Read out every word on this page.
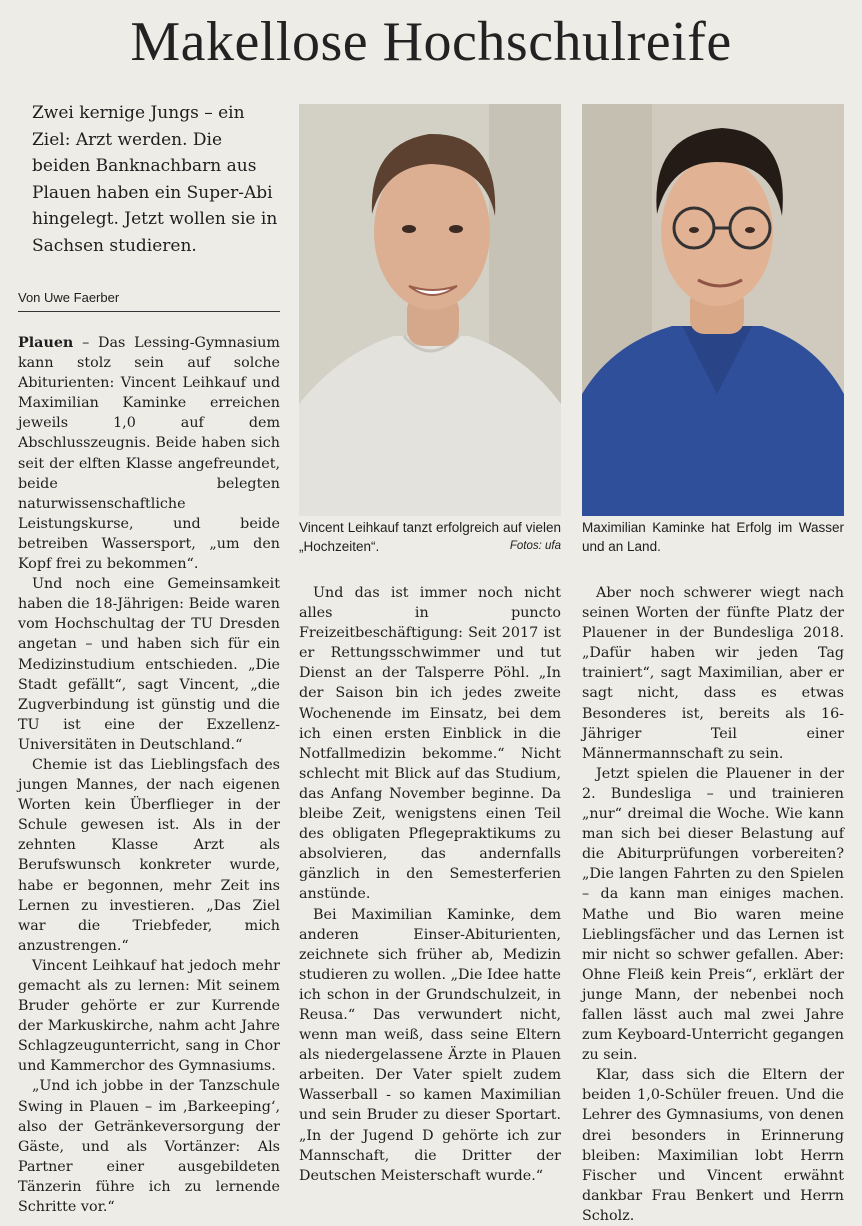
Makellose Hochschulreife

Zwei kernige Jungs – ein Ziel: Arzt werden. Die beiden Banknachbarn aus Plauen haben ein Super-Abi hingelegt. Jetzt wollen sie in Sachsen studieren.

Von Uwe Faerber

Plauen – Das Lessing-Gymnasium kann stolz sein auf solche Abiturienten: Vincent Leihkauf und Maximilian Kaminke erreichen jeweils 1,0 auf dem Abschlusszeugnis. Beide haben sich seit der elften Klasse angefreundet, beide belegten naturwissenschaftliche Leistungskurse, und beide betreiben Wassersport, „um den Kopf frei zu bekommen“.

Und noch eine Gemeinsamkeit haben die 18-Jährigen: Beide waren vom Hochschultag der TU Dresden angetan – und haben sich für ein Medizinstudium entschieden. „Die Stadt gefällt“, sagt Vincent, „die Zugverbindung ist günstig und die TU ist eine der Exzellenz-Universitäten in Deutschland.“

Chemie ist das Lieblingsfach des jungen Mannes, der nach eigenen Worten kein Überflieger in der Schule gewesen ist. Als in der zehnten Klasse Arzt als Berufswunsch konkreter wurde, habe er begonnen, mehr Zeit ins Lernen zu investieren. „Das Ziel war die Triebfeder, mich anzustrengen.“

Vincent Leihkauf hat jedoch mehr gemacht als zu lernen: Mit seinem Bruder gehörte er zur Kurrende der Markuskirche, nahm acht Jahre Schlagzeugunterricht, sang in Chor und Kammerchor des Gymnasiums.

„Und ich jobbe in der Tanzschule Swing in Plauen – im ‚Barkeeping‘, also der Getränkeversorgung der Gäste, und als Vortänzer: Als Partner einer ausgebildeten Tänzerin führe ich zu lernende Schritte vor.“

Vincent Leihkauf tanzt erfolgreich auf vielen „Hochzeiten“.	Fotos: ufa
Maximilian Kaminke hat Erfolg im Wasser und an Land.

Und das ist immer noch nicht alles in puncto Freizeitbeschäftigung: Seit 2017 ist er Rettungsschwimmer und tut Dienst an der Talsperre Pöhl. „In der Saison bin ich jedes zweite Wochenende im Einsatz, bei dem ich einen ersten Einblick in die Notfallmedizin bekomme.“ Nicht schlecht mit Blick auf das Studium, das Anfang November beginne. Da bleibe Zeit, wenigstens einen Teil des obligaten Pflegepraktikums zu absolvieren, das andernfalls gänzlich in den Semesterferien anstünde.

Bei Maximilian Kaminke, dem anderen Einser-Abiturienten, zeichnete sich früher ab, Medizin studieren zu wollen. „Die Idee hatte ich schon in der Grundschulzeit, in Reusa.“ Das verwundert nicht, wenn man weiß, dass seine Eltern als niedergelassene Ärzte in Plauen arbeiten. Der Vater spielt zudem Wasserball - so kamen Maximilian und sein Bruder zu dieser Sportart. „In der Jugend D gehörte ich zur Mannschaft, die Dritter der Deutschen Meisterschaft wurde.“

Aber noch schwerer wiegt nach seinen Worten der fünfte Platz der Plauener in der Bundesliga 2018. „Dafür haben wir jeden Tag trainiert“, sagt Maximilian, aber er sagt nicht, dass es etwas Besonderes ist, bereits als 16-Jähriger Teil einer Männermannschaft zu sein.

Jetzt spielen die Plauener in der 2. Bundesliga – und trainieren „nur“ dreimal die Woche. Wie kann man sich bei dieser Belastung auf die Abiturprüfungen vorbereiten? „Die langen Fahrten zu den Spielen – da kann man einiges machen. Mathe und Bio waren meine Lieblingsfächer und das Lernen ist mir nicht so schwer gefallen. Aber: Ohne Fleiß kein Preis“, erklärt der junge Mann, der nebenbei noch fallen lässt auch mal zwei Jahre zum Keyboard-Unterricht gegangen zu sein.

Klar, dass sich die Eltern der beiden 1,0-Schüler freuen. Und die Lehrer des Gymnasiums, von denen drei besonders in Erinnerung bleiben: Maximilian lobt Herrn Fischer und Vincent erwähnt dankbar Frau Benkert und Herrn Scholz.
